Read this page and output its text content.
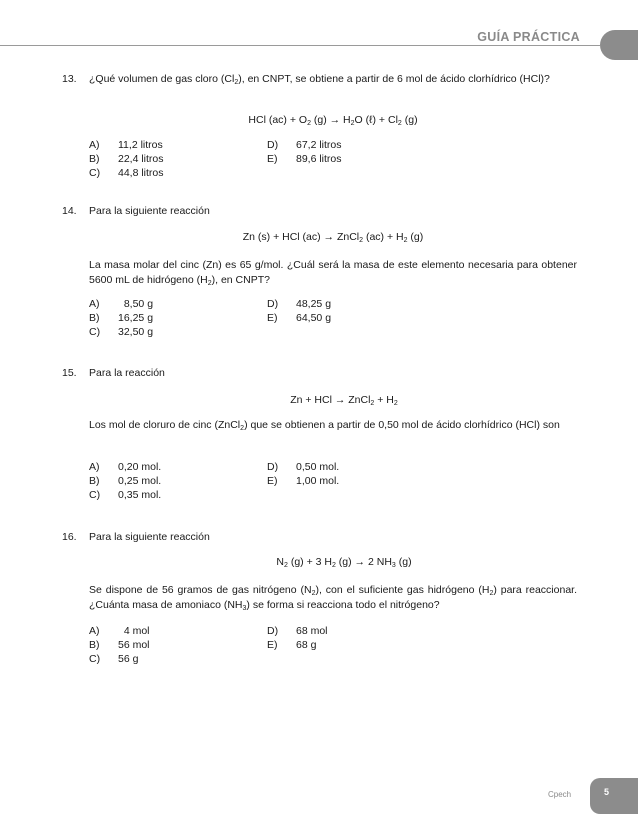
GUÍA PRÁCTICA
13. ¿Qué volumen de gas cloro $(Cl_2)$, en CNPT, se obtiene a partir de 6 mol de ácido clorhídrico (HCl)?
HCl $(ac) + O_2$ $(g) \to H_2O$ (ℓ) + $Cl_2$ (g)
A) 11,2 litros
B) 22,4 litros
C) 44,8 litros
D) 67,2 litros
E) 89,6 litros
14. Para la siguiente reacción
Zn (s) + HCl (ac) → ZnCl$_2$ $(ac) + H_2$ (g)
La masa molar del cinc (Zn) es 65 g/mol. ¿Cuál será la masa de este elemento necesaria para obtener 5600 mL de hidrógeno $(H_2)$, en CNPT?
A) 8,50 g
B) 16,25 g
C) 32,50 g
D) 48,25 g
E) 64,50 g
15. Para la reacción
Zn + HCl → ZnCl$_2$ + $H_2$
Los mol de cloruro de cinc (ZnCl$_2$) que se obtienen a partir de 0,50 mol de ácido clorhídrico (HCl) son
A) 0,20 mol.
B) 0,25 mol.
C) 0,35 mol.
D) 0,50 mol.
E) 1,00 mol.
16. Para la siguiente reacción
$N_2$ (g) + 3 $H_2$ (g) → 2 $NH_3$ (g)
Se dispone de 56 gramos de gas nitrógeno $(N_2)$, con el suficiente gas hidrógeno $(H_2)$ para reaccionar. ¿Cuánta masa de amoniaco $(NH_3)$ se forma si reacciona todo el nitrógeno?
A) 4 mol
B) 56 mol
C) 56 g
D) 68 mol
E) 68 g
Cpech	5
